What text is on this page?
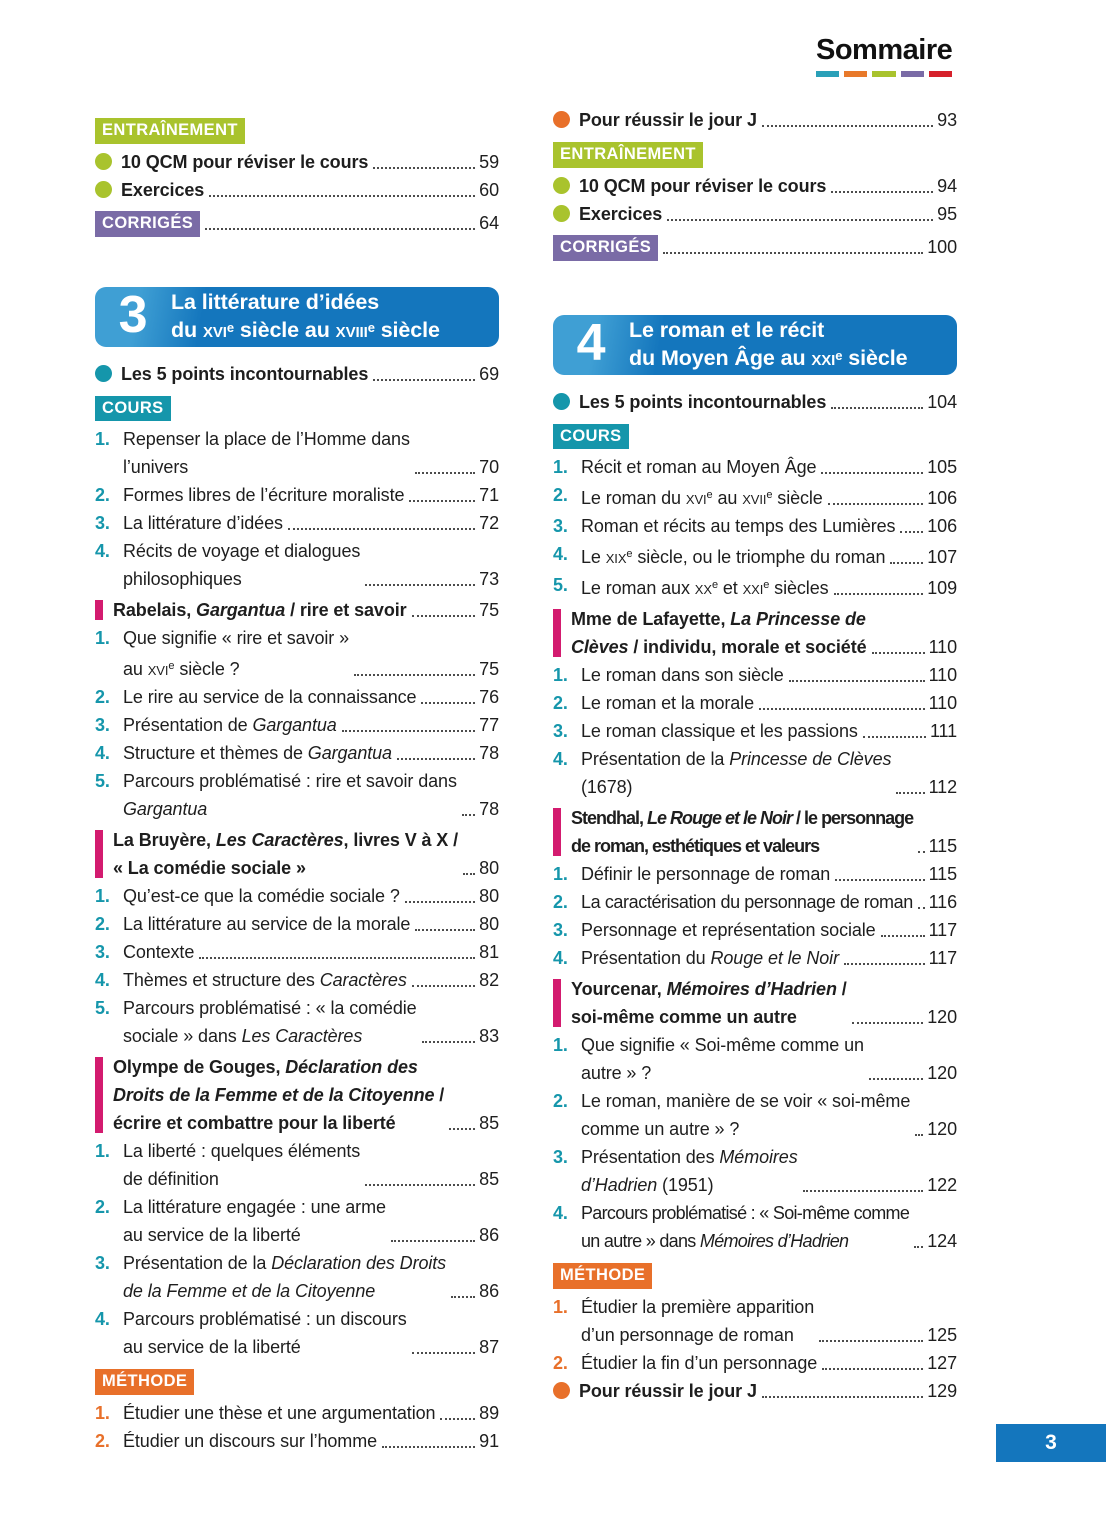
Sommaire
ENTRAÎNEMENT
10 QCM pour réviser le cours	59
Exercices	60
CORRIGÉS	64
3	La littérature d’idées
du xvi$^e$ siècle au xviii$^e$ siècle
Les 5 points incontournables	69
COURS
1. Repenser la place de l’Homme dans
l’univers	70
2. Formes libres de l’écriture moraliste	71
3. La littérature d’idées	72
4. Récits de voyage et dialogues
philosophiques	73
Rabelais, Gargantua / rire et savoir	75
1. Que signifie « rire et savoir »
au xvi$^e$ siècle ?	75
2. Le rire au service de la connaissance	76
3. Présentation de Gargantua	77
4. Structure et thèmes de Gargantua	78
5. Parcours problématisé : rire et savoir dans
Gargantua	78
La Bruyère, Les Caractères, livres V à X /
« La comédie sociale »	80
1. Qu’est-ce que la comédie sociale ?	80
2. La littérature au service de la morale	80
3. Contexte	81
4. Thèmes et structure des Caractères	82
5. Parcours problématisé : « la comédie
sociale » dans Les Caractères	83
Olympe de Gouges, Déclaration des
Droits de la Femme et de la Citoyenne /
écrire et combattre pour la liberté	85
1. La liberté : quelques éléments
de définition	85
2. La littérature engagée : une arme
au service de la liberté	86
3. Présentation de la Déclaration des Droits
de la Femme et de la Citoyenne	86
4. Parcours problématisé : un discours
au service de la liberté	87
MÉTHODE
1. Étudier une thèse et une argumentation 89
2. Étudier un discours sur l’homme	91
Pour réussir le jour J	93
ENTRAÎNEMENT
10 QCM pour réviser le cours	94
Exercices	95
CORRIGÉS	100
4	Le roman et le récit
du Moyen Âge au xxi$^e$ siècle
Les 5 points incontournables	104
COURS
1. Récit et roman au Moyen Âge	105
2. Le roman du xvi$^e$ au xvii$^e$ siècle	106
3. Roman et récits au temps des Lumières 106
4. Le xix$^e$ siècle, ou le triomphe du roman 107
5. Le roman aux $xx^e$ et xxi$^e$ siècles	109
Mme de Lafayette, La Princesse de
Clèves / individu, morale et société	110
1. Le roman dans son siècle	110
2. Le roman et la morale	110
3. Le roman classique et les passions	111
4. Présentation de la Princesse de Clèves
(1678)	112
Stendhal, Le Rouge et le Noir / le personnage
de roman, esthétiques et valeurs	115
1. Définir le personnage de roman	115
2. La caractérisation du personnage de roman 116
3. Personnage et représentation sociale	117
4. Présentation du Rouge et le Noir	117
Yourcenar, Mémoires d’Hadrien /
soi-même comme un autre	120
1. Que signifie « Soi-même comme un
autre » ?	120
2. Le roman, manière de se voir « soi-même
comme un autre » ?	120
3. Présentation des Mémoires
d’Hadrien (1951)	122
4. Parcours problématisé : « Soi-même comme
un autre » dans Mémoires d’Hadrien	124
MÉTHODE
1. Étudier la première apparition
d’un personnage de roman	125
2. Étudier la fin d’un personnage	127
Pour réussir le jour J	129
3
